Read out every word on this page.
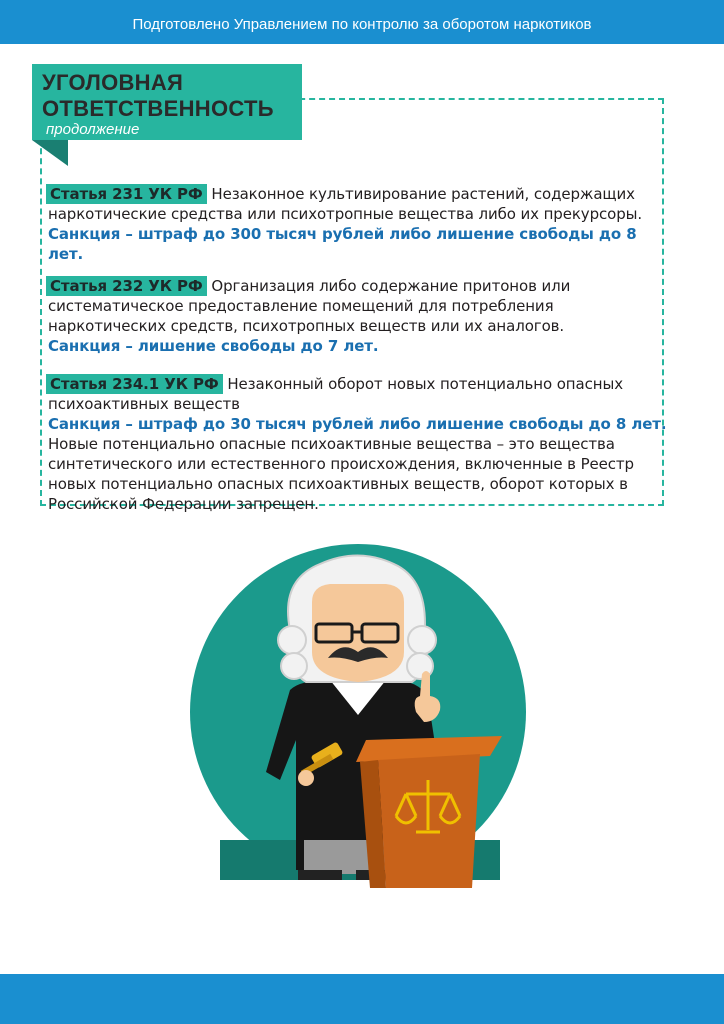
Подготовлено Управлением по контролю за оборотом наркотиков
УГОЛОВНАЯ
ОТВЕТСТВЕННОСТЬ
продолжение

Статья 231 УК РФ Незаконное культивирование растений, содержащих наркотические средства или психотропные вещества либо их прекурсоры.
Санкция – штраф до 300 тысяч рублей либо лишение свободы до 8 лет.

Статья 232 УК РФ Организация либо содержание притонов или систематическое предоставление помещений для потребления наркотических средств, психотропных веществ или их аналогов.
Санкция – лишение свободы до 7 лет.

Статья 234.1 УК РФ Незаконный оборот новых потенциально опасных психоактивных веществ
Санкция – штраф до 30 тысяч рублей либо лишение свободы до 8 лет.
Новые потенциально опасные психоактивные вещества – это вещества синтетического или естественного происхождения, включенные в Реестр новых потенциально опасных психоактивных веществ, оборот которых в Российской Федерации запрещен.
